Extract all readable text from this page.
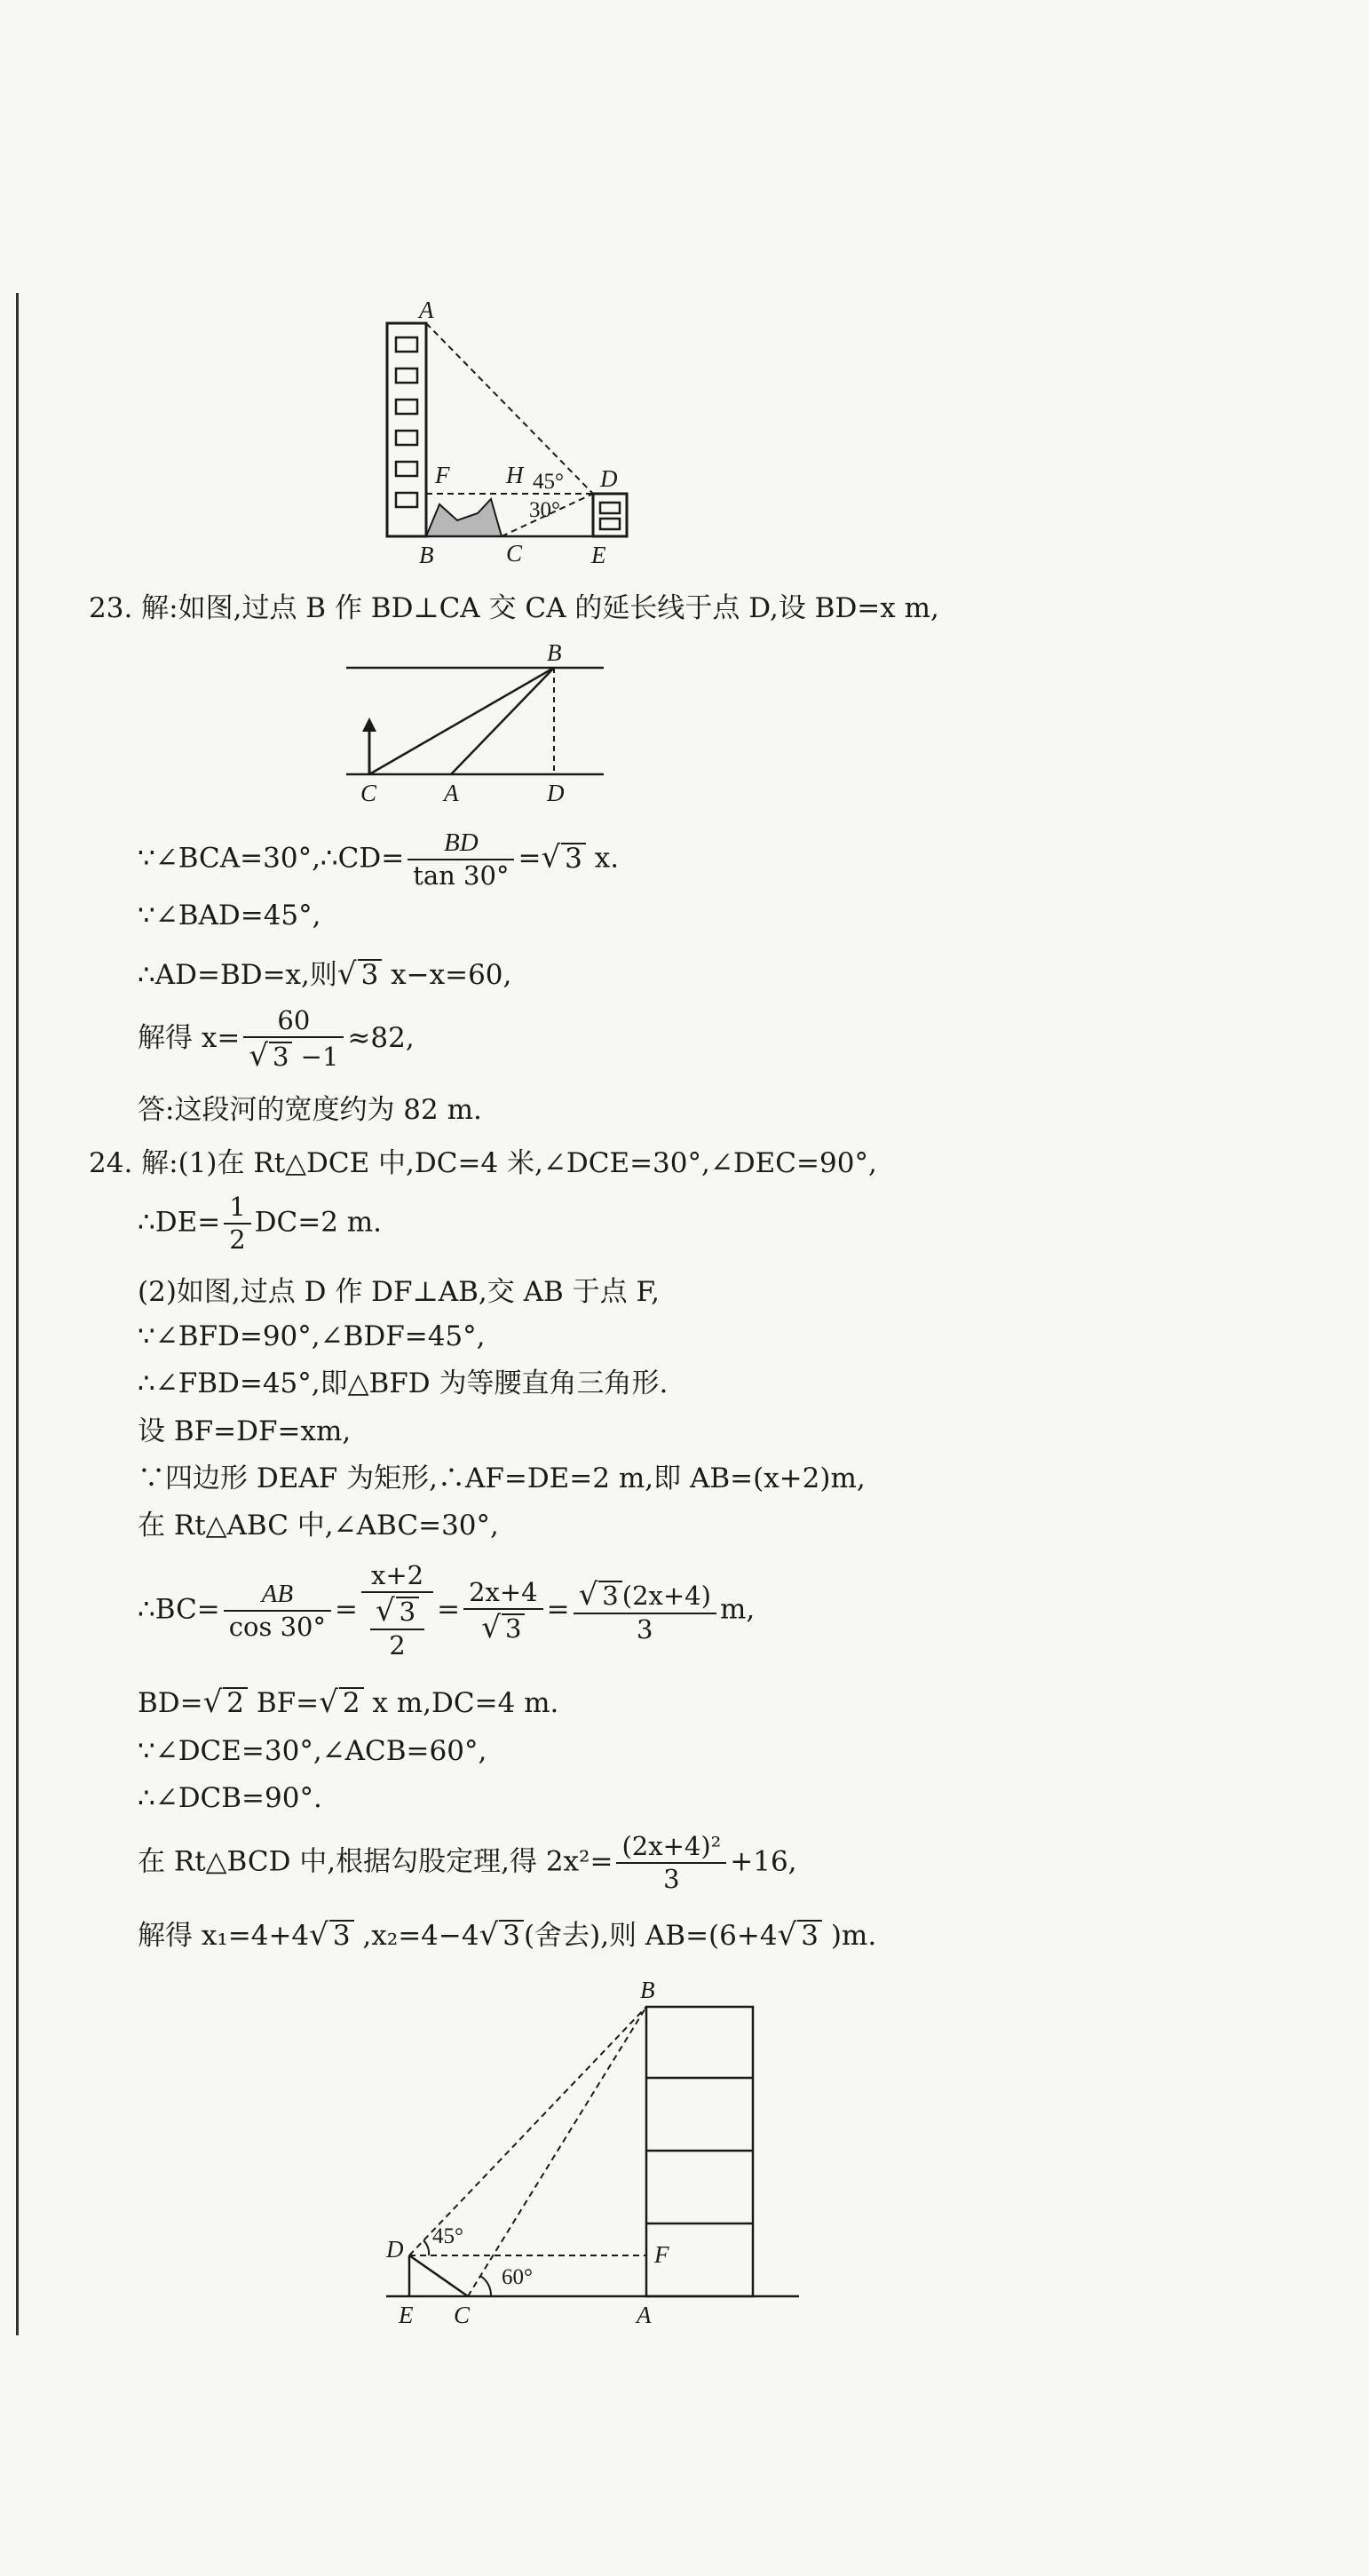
A
F H	D
45°
30°
B	C	E
23. 解:如图,过点 B 作 BD⊥CA 交 CA 的延长线于点 D,设 BD=x m,
B
C	A	D
∵∠BCA=30°,∴CD= $\frac{BD}{\tan 30^\circ}$ =√ 3 x.
∵∠BAD=45°,
∴AD=BD=x,则√ 3 x−x=60,
解得 $x= \frac{60}{√ 3 -1} \approx 82$,
答:这段河的宽度约为 82 m.
24. 解:(1)在 Rt△DCE 中,DC=4 米,∠DCE=30°,∠DEC=90°,
∴DE= $\frac{1}{2} DC=2$ m.
(2)如图,过点 D 作 DF⊥AB,交 AB 于点 F,
∵∠BFD=90°,∠BDF=45°,
∴∠FBD=45°,即△BFD 为等腰直角三角形.
设 BF=DF=xm,
∵四边形 DEAF 为矩形,∴AF=DE=2 m,即 AB=(x+2)m,
在 Rt△ABC 中,∠ABC=30°,
∴BC= $\frac{AB}{\cos 30^\circ} = \frac{x+2}{\frac{√ 3}{2}} = \frac{2x+4}{√ 3} = \frac{√ 3 (2x+4)}{3} m$,
BD=√ 2 BF=√ 2 x m,DC=4 m.
∵∠DCE=30°,∠ACB=60°,
∴∠DCB=90°.
在 Rt△BCD 中,根据勾股定理,得 $2x^2= \frac{\text{(2x+4)²}}{3} +16$,
解得 x₁=4+4√ 3 ,x₂=4−4√ 3 (舍去),则 AB=(6+4√ 3 )m.
B
D	F
E C	A
45°
60°
